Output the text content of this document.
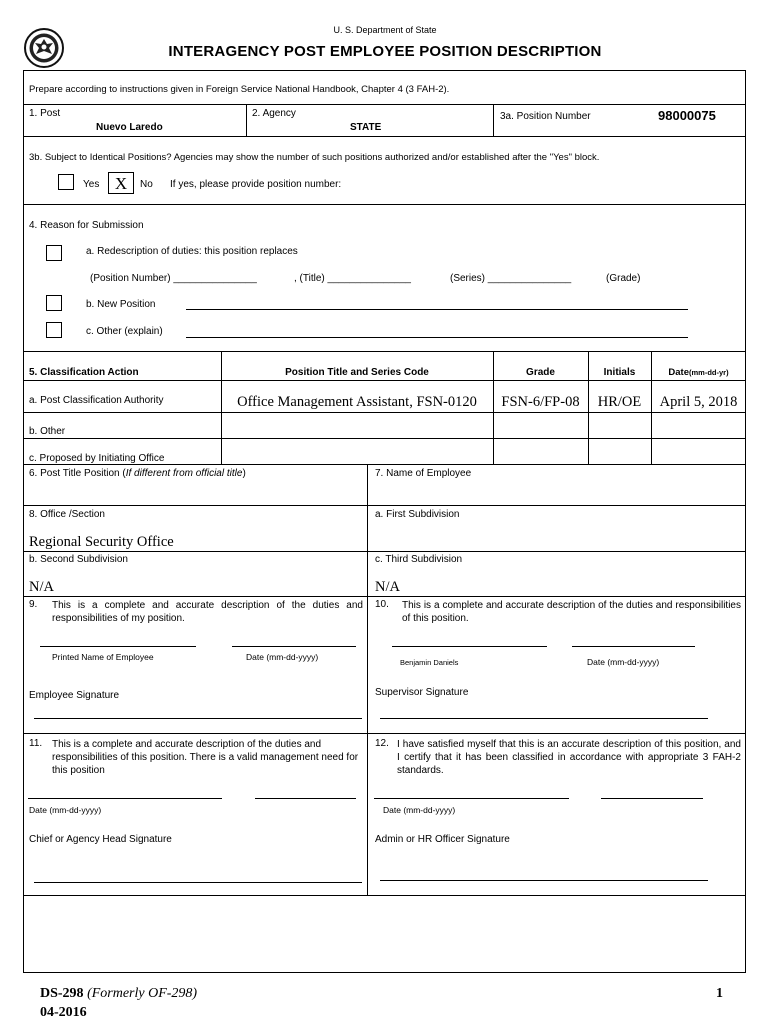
U. S. Department of State
INTERAGENCY POST EMPLOYEE POSITION DESCRIPTION
Prepare according to instructions given in Foreign Service National Handbook, Chapter 4 (3 FAH-2).
1. Post
Nuevo Laredo
2. Agency
STATE
3a. Position Number	98000075
3b. Subject to Identical Positions? Agencies may show the number of such positions authorized and/or established after the "Yes" block.
Yes X	No If yes, please provide position number:
4. Reason for Submission
a. Redescription of duties: this position replaces
(Position Number) _______________	, (Title) _______________	(Series) _______________	(Grade)
b. New Position
c. Other (explain)
5. Classification Action	Position Title and Series Code	Grade	Initials	Date(mm-dd-yr)
a. Post Classification Authority	Office Management Assistant, FSN-0120	FSN-6/FP-08	HR/OE	April 5, 2018
b. Other
c. Proposed by Initiating Office
6. Post Title Position (If different from official title)	7. Name of Employee
8. Office /Section	a. First Subdivision
Regional Security Office
b. Second Subdivision	c. Third Subdivision
N/A	N/A
9. This is a complete and accurate description of the duties and responsibilities of my position.
Printed Name of Employee	Date (mm-dd-yyyy)
Employee Signature
10. This is a complete and accurate description of the duties and responsibilities of this position.
Benjamin Daniels	Date (mm-dd-yyyy)
Supervisor Signature
11. This is a complete and accurate description of the duties and responsibilities of this position. There is a valid management need for this position
Date (mm-dd-yyyy)
Chief or Agency Head Signature
12. I have satisfied myself that this is an accurate description of this position, and I certify that it has been classified in accordance with appropriate 3 FAH-2 standards.
Date (mm-dd-yyyy)
Admin or HR Officer Signature
DS-298 (Formerly OF-298)
04-2016
1
